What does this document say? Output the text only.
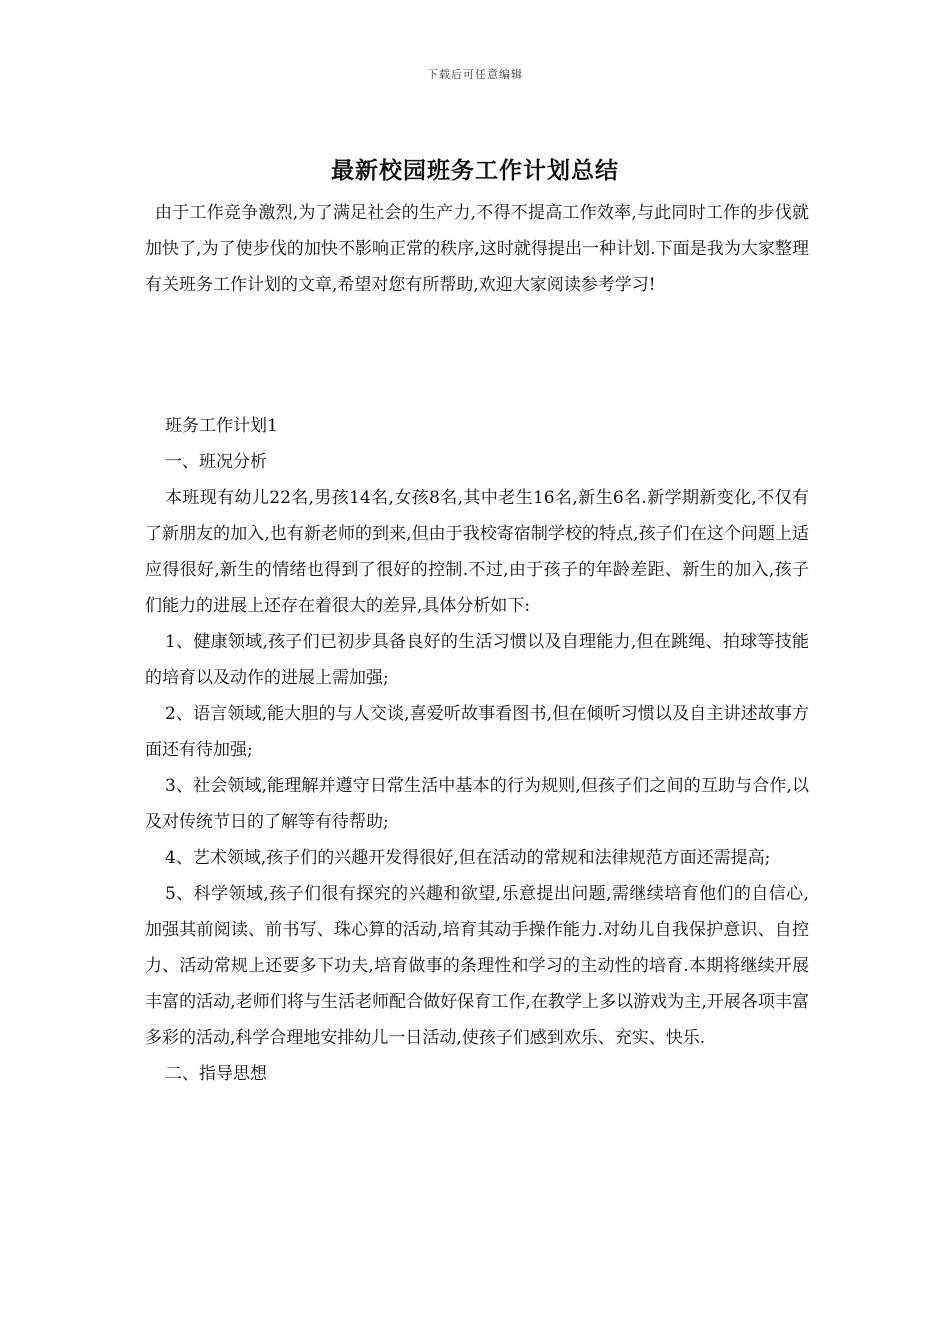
下载后可任意编辑
最新校园班务工作计划总结

由于工作竞争激烈,为了满足社会的生产力,不得不提高工作效率,与此同时工作的步伐就加快了,为了使步伐的加快不影响正常的秩序,这时就得提出一种计划.下面是我为大家整理有关班务工作计划的文章,希望对您有所帮助,欢迎大家阅读参考学习!

班务工作计划1

一、班况分析

本班现有幼儿22名,男孩14名,女孩8名,其中老生16名,新生6名.新学期新变化,不仅有了新朋友的加入,也有新老师的到来,但由于我校寄宿制学校的特点,孩子们在这个问题上适应得很好,新生的情绪也得到了很好的控制.不过,由于孩子的年龄差距、新生的加入,孩子们能力的进展上还存在着很大的差异,具体分析如下:

1、健康领域,孩子们已初步具备良好的生活习惯以及自理能力,但在跳绳、拍球等技能的培育以及动作的进展上需加强;

2、语言领域,能大胆的与人交谈,喜爱听故事看图书,但在倾听习惯以及自主讲述故事方面还有待加强;

3、社会领域,能理解并遵守日常生活中基本的行为规则,但孩子们之间的互助与合作,以及对传统节日的了解等有待帮助;

4、艺术领域,孩子们的兴趣开发得很好,但在活动的常规和法律规范方面还需提高;

5、科学领域,孩子们很有探究的兴趣和欲望,乐意提出问题,需继续培育他们的自信心,加强其前阅读、前书写、珠心算的活动,培育其动手操作能力.对幼儿自我保护意识、自控力、活动常规上还要多下功夫,培育做事的条理性和学习的主动性的培育.本期将继续开展丰富的活动,老师们将与生活老师配合做好保育工作,在教学上多以游戏为主,开展各项丰富多彩的活动,科学合理地安排幼儿一日活动,使孩子们感到欢乐、充实、快乐.

二、指导思想
